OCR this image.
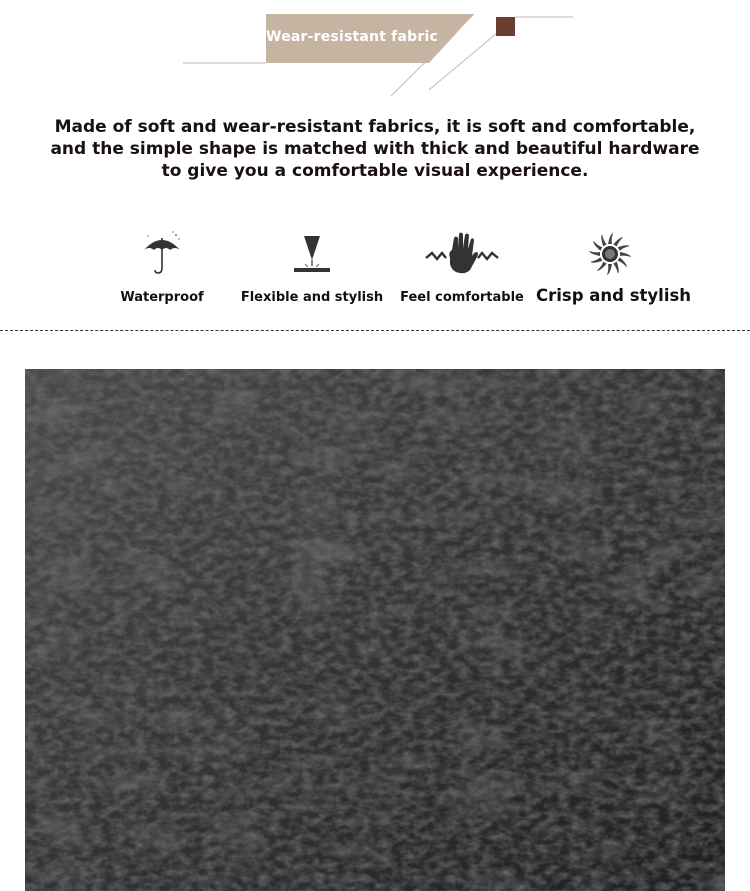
Wear-resistant fabric
Made of soft and wear-resistant fabrics, it is soft and comfortable,
and the simple shape is matched with thick and beautiful hardware
to give you a comfortable visual experience.
Waterproof	Flexible and stylish Feel comfortable Crisp and stylish
